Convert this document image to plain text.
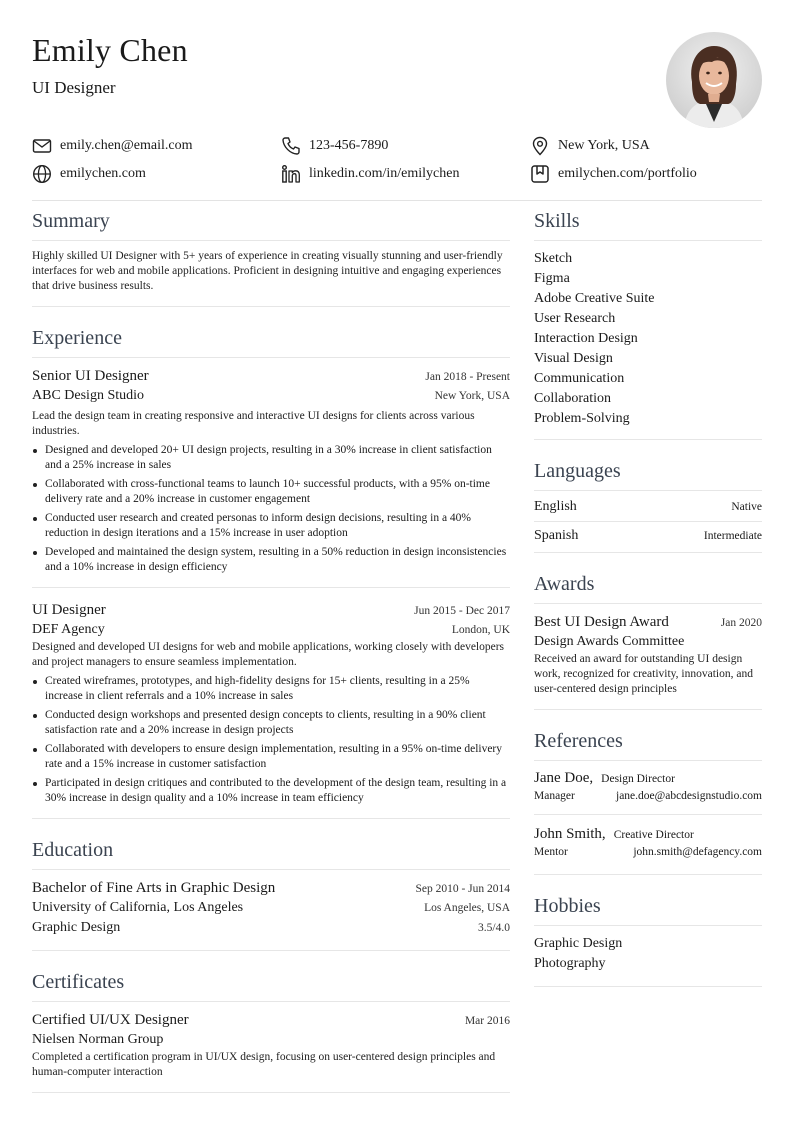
Emily Chen
UI Designer
emily.chen@email.com	123-456-7890	New York, USA
emilychen.com	linkedin.com/in/emilychen	emilychen.com/portfolio
Summary

Highly skilled UI Designer with 5+ years of experience in creating visually stunning and user-friendly interfaces for web and mobile applications. Proficient in designing intuitive and engaging experiences that drive business results.

Experience
Senior UI Designer	Jan 2018 - Present
ABC Design Studio	New York, USA

Lead the design team in creating responsive and interactive UI designs for clients across various industries.

Designed and developed 20+ UI design projects, resulting in a 30% increase in client satisfaction and a 25% increase in sales
Collaborated with cross-functional teams to launch 10+ successful products, with a 95% on-time delivery rate and a 20% increase in customer engagement
Conducted user research and created personas to inform design decisions, resulting in a 40% reduction in design iterations and a 15% increase in user adoption
Developed and maintained the design system, resulting in a 50% reduction in design inconsistencies and a 10% increase in design efficiency
UI Designer	Jun 2015 - Dec 2017
DEF Agency	London, UK

Designed and developed UI designs for web and mobile applications, working closely with developers and project managers to ensure seamless implementation.

Created wireframes, prototypes, and high-fidelity designs for 15+ clients, resulting in a 25% increase in client referrals and a 10% increase in sales
Conducted design workshops and presented design concepts to clients, resulting in a 90% client satisfaction rate and a 20% increase in design projects
Collaborated with developers to ensure design implementation, resulting in a 95% on-time delivery rate and a 15% increase in customer satisfaction
Participated in design critiques and contributed to the development of the design team, resulting in a 30% increase in design quality and a 10% increase in team efficiency
Education
Bachelor of Fine Arts in Graphic Design	Sep 2010 - Jun 2014
University of California, Los Angeles	Los Angeles, USA
Graphic Design	3.5/4.0
Certificates
Certified UI/UX Designer	Mar 2016
Nielsen Norman Group

Completed a certification program in UI/UX design, focusing on user-centered design principles and human-computer interaction

Skills
Sketch
Figma
Adobe Creative Suite
User Research
Interaction Design
Visual Design
Communication
Collaboration
Problem-Solving
Languages
English	Native
Spanish	Intermediate
Awards
Best UI Design Award	Jan 2020
Design Awards Committee

Received an award for outstanding UI design work, recognized for creativity, innovation, and user-centered design principles

References
Jane Doe, Design Director
Manager	jane.doe@abcdesignstudio.com
John Smith, Creative Director
Mentor	john.smith@defagency.com
Hobbies
Graphic Design
Photography
